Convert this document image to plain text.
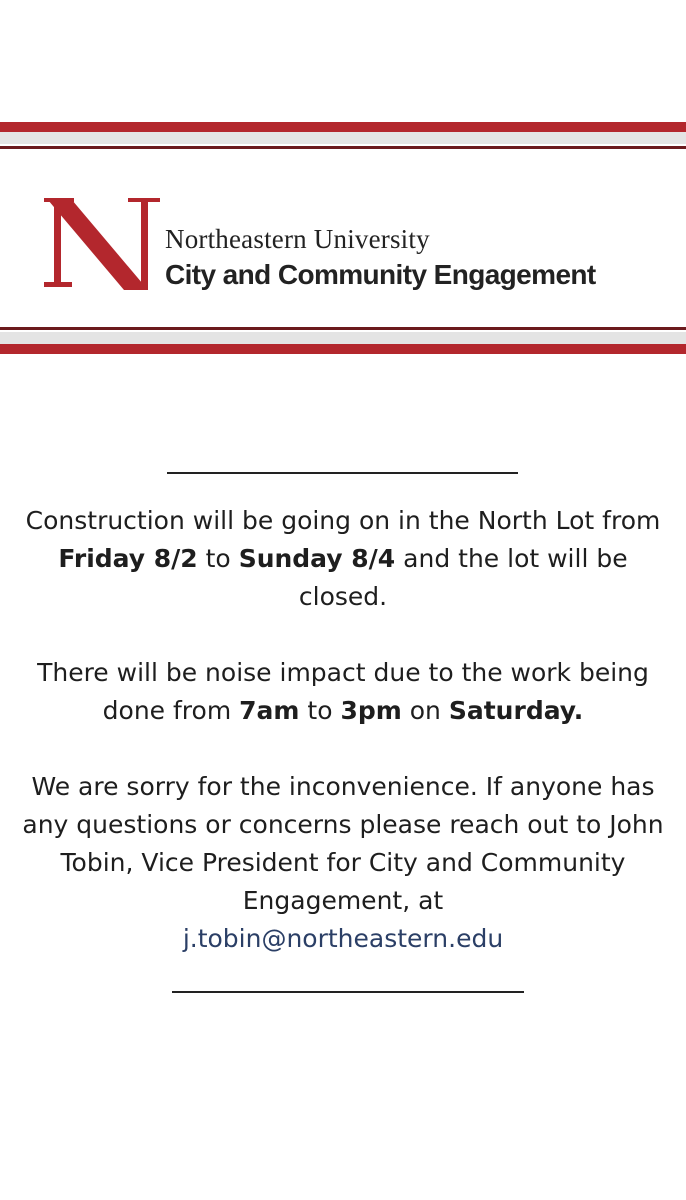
Northeastern University
City and Community Engagement

Construction will be going on in the North Lot from Friday 8/2 to Sunday 8/4 and the lot will be closed.

There will be noise impact due to the work being done from 7am to 3pm on Saturday.

We are sorry for the inconvenience. If anyone has any questions or concerns please reach out to John Tobin, Vice President for City and Community Engagement, at
j.tobin@northeastern.edu
